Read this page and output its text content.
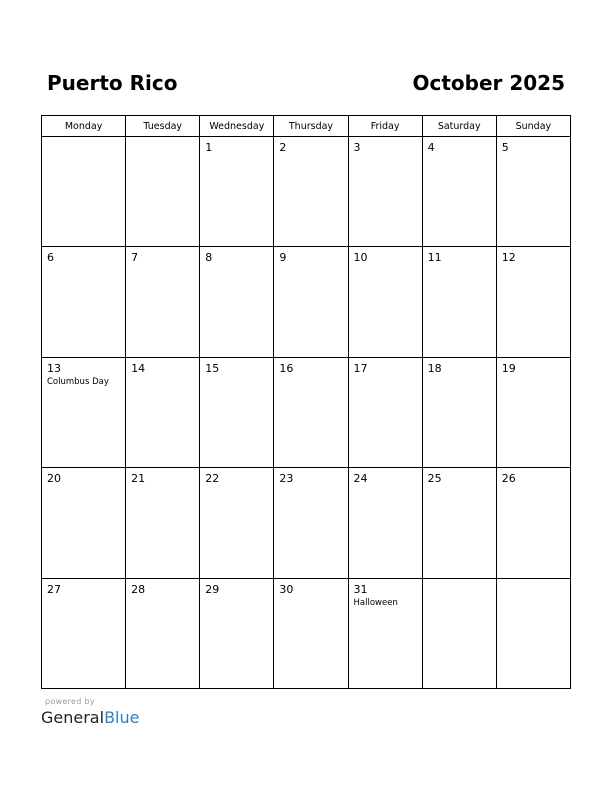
Puerto Rico	October 2025
Monday	Tuesday	Wednesday	Thursday	Friday	Saturday	Sunday

		1	2	3	4	5

6	7	8	9	10	11	12

13
Columbus Day	14	15	16	17	18	19

20	21	22	23	24	25	26

27	28	29	30	31
Halloween		

powered by
GeneralBlue
